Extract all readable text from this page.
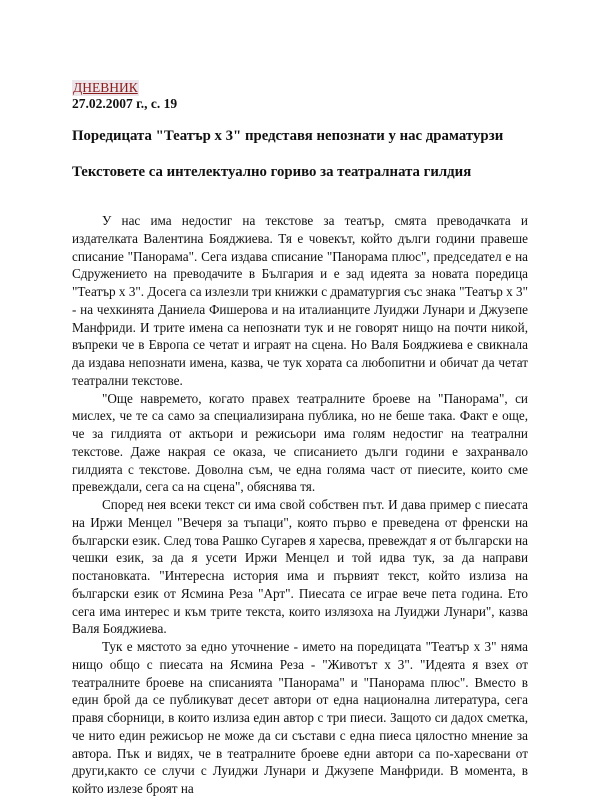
ДНЕВНИК
27.02.2007 г., с. 19
Поредицата "Театър х 3" представя непознати у нас драматурзи
Текстовете са интелектуално гориво за театралната гилдия

У нас има недостиг на текстове за театър, смята преводачката и издателката Валентина Бояджиева. Тя е човекът, който дълги години правеше списание "Панорама". Сега издава списание "Панорама плюс", председател е на Сдружението на преводачите в България и е зад идеята за новата поредица "Театър х 3". Досега са излезли три книжки с драматургия със знака "Театър х 3" - на чехкинята Даниела Фишерова и на италианците Луиджи Лунари и Джузепе Манфриди. И трите имена са непознати тук и не говорят нищо на почти никой, въпреки че в Европа се четат и играят на сцена. Но Валя Бояджиева е свикнала да издава непознати имена, казва, че тук хората са любопитни и обичат да четат театрални текстове.

"Още навремето, когато правех театралните броеве на "Панорама", си мислех, че те са само за специализирана публика, но не беше така. Факт е още, че за гилдията от актьори и режисьори има голям недостиг на театрални текстове. Даже накрая се оказа, че списанието дълги години е захранвало гилдията с текстове. Доволна съм, че една голяма част от пиесите, които сме превеждали, сега са на сцена", обяснява тя.

Според нея всеки текст си има свой собствен път. И дава пример с пиесата на Иржи Менцел "Вечеря за тъпаци", която първо е преведена от френски на български език. След това Рашко Сугарев я харесва, превеждат я от български на чешки език, за да я усети Иржи Менцел и той идва тук, за да направи постановката. "Интересна история има и първият текст, който излиза на български език от Ясмина Реза "Арт". Пиесата се играе вече пета година. Ето сега има интерес и към трите текста, които излязоха на Луиджи Лунари", казва Валя Бояджиева.

Тук е мястото за едно уточнение - името на поредицата "Театър х 3" няма нищо общо с пиесата на Ясмина Реза - "Животът х 3". "Идеята я взех от театралните броеве на списанията "Панорама" и "Панорама плюс". Вместо в един брой да се публикуват десет автори от една национална литература, сега правя сборници, в които излиза един автор с три пиеси. Защото си дадох сметка, че нито един режисьор не може да си състави с една пиеса цялостно мнение за автора. Пък и видях, че в театралните броеве едни автори са по-харесвани от други,както се случи с Луиджи Лунари и Джузепе Манфриди. В момента, в който излезе броят на
